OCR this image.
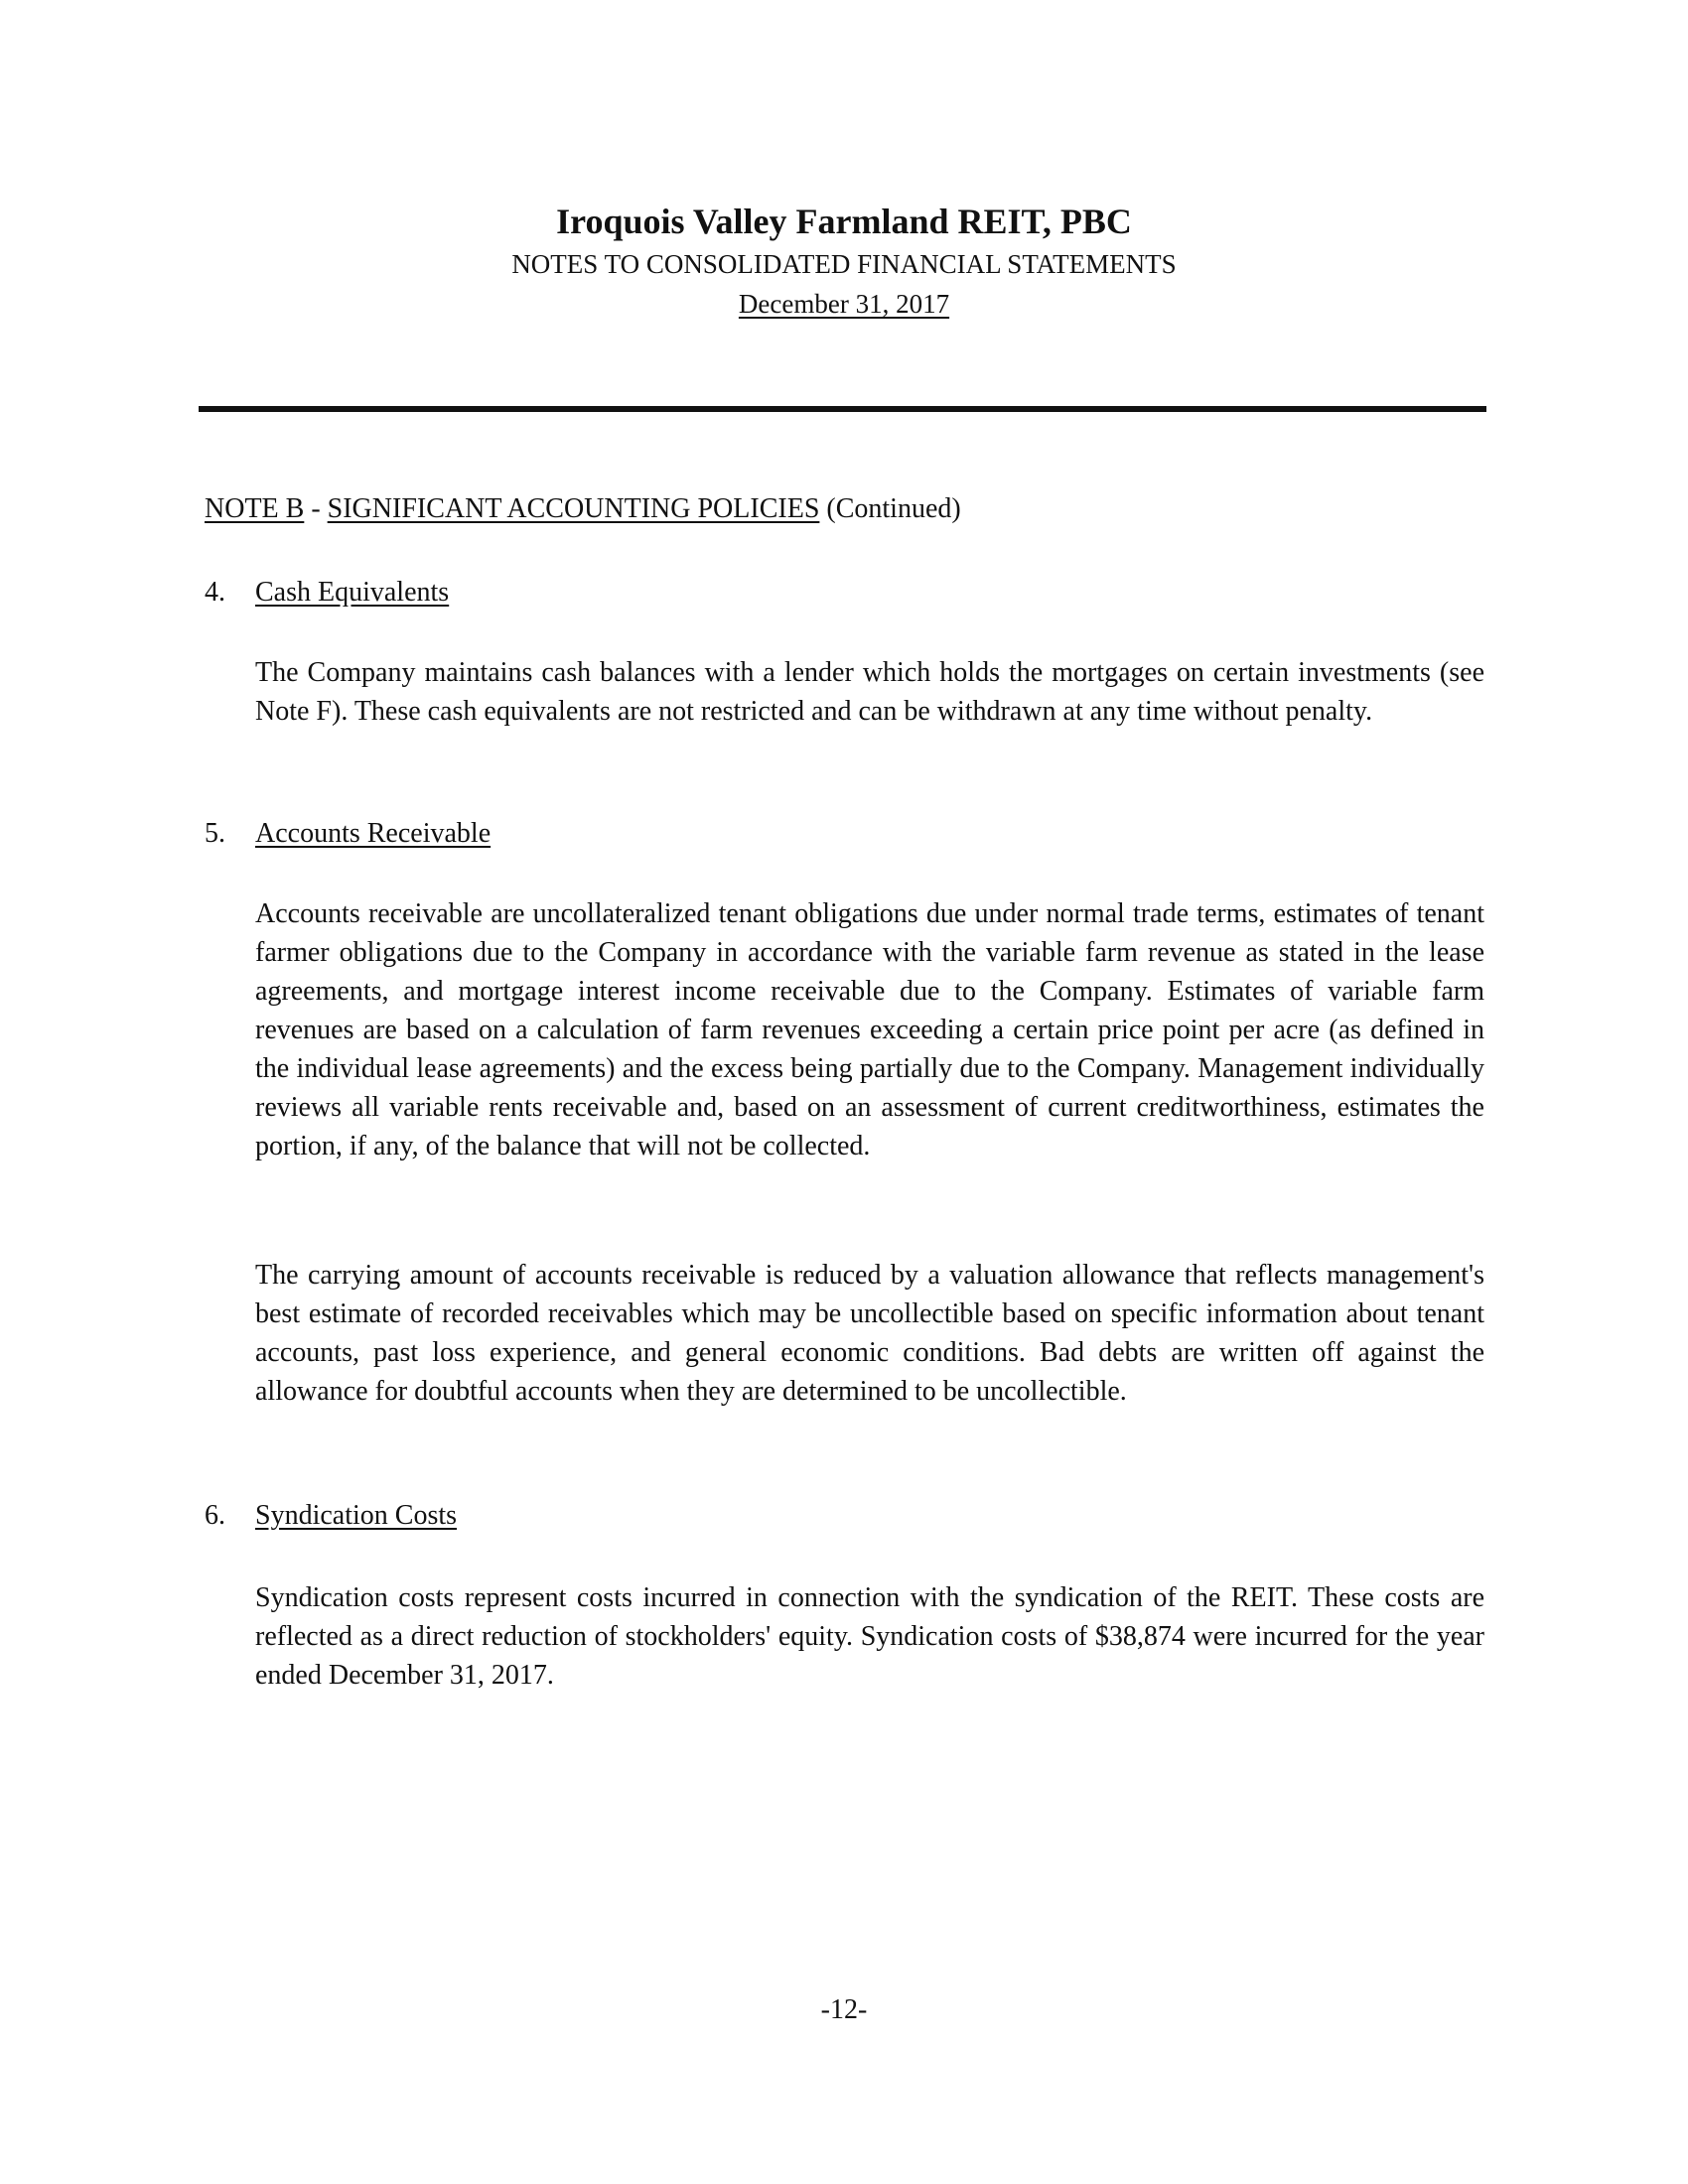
Iroquois Valley Farmland REIT, PBC
NOTES TO CONSOLIDATED FINANCIAL STATEMENTS
December 31, 2017
NOTE B - SIGNIFICANT ACCOUNTING POLICIES (Continued)
4. Cash Equivalents

The Company maintains cash balances with a lender which holds the mortgages on certain investments (see Note F). These cash equivalents are not restricted and can be withdrawn at any time without penalty.

5. Accounts Receivable

Accounts receivable are uncollateralized tenant obligations due under normal trade terms, estimates of tenant farmer obligations due to the Company in accordance with the variable farm revenue as stated in the lease agreements, and mortgage interest income receivable due to the Company. Estimates of variable farm revenues are based on a calculation of farm revenues exceeding a certain price point per acre (as defined in the individual lease agreements) and the excess being partially due to the Company. Management individually reviews all variable rents receivable and, based on an assessment of current creditworthiness, estimates the portion, if any, of the balance that will not be collected.

The carrying amount of accounts receivable is reduced by a valuation allowance that reflects management's best estimate of recorded receivables which may be uncollectible based on specific information about tenant accounts, past loss experience, and general economic conditions. Bad debts are written off against the allowance for doubtful accounts when they are determined to be uncollectible.

6. Syndication Costs

Syndication costs represent costs incurred in connection with the syndication of the REIT. These costs are reflected as a direct reduction of stockholders' equity. Syndication costs of $38,874 were incurred for the year ended December 31, 2017.

-12-
